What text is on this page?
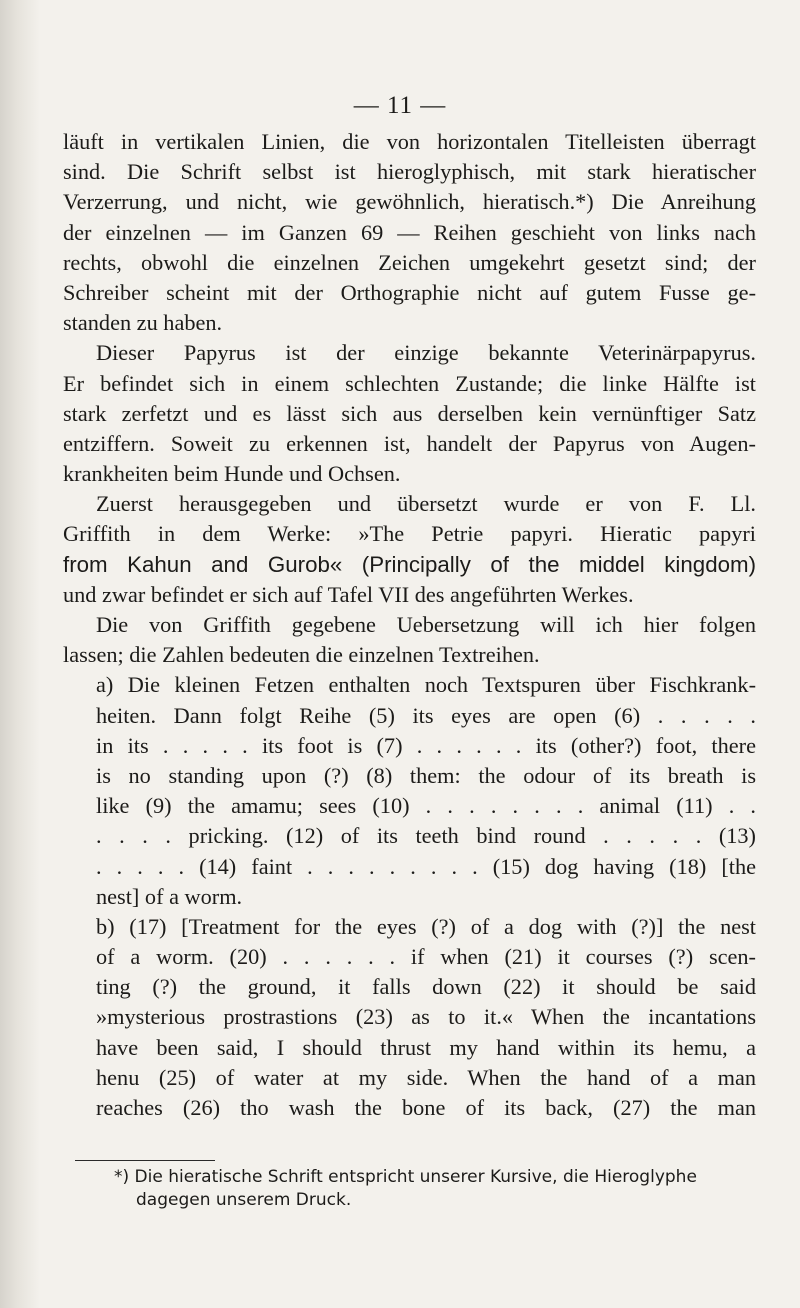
— 11 —
läuft in vertikalen Linien, die von horizontalen Titelleisten überragt
sind. Die Schrift selbst ist hieroglyphisch, mit stark hieratischer
Verzerrung, und nicht, wie gewöhnlich, hieratisch.*) Die Anreihung
der einzelnen — im Ganzen 69 — Reihen geschieht von links nach
rechts, obwohl die einzelnen Zeichen umgekehrt gesetzt sind; der
Schreiber scheint mit der Orthographie nicht auf gutem Fusse ge-
standen zu haben.
Dieser Papyrus ist der einzige bekannte Veterinärpapyrus.
Er befindet sich in einem schlechten Zustande; die linke Hälfte ist
stark zerfetzt und es lässt sich aus derselben kein vernünftiger Satz
entziffern. Soweit zu erkennen ist, handelt der Papyrus von Augen-
krankheiten beim Hunde und Ochsen.
Zuerst herausgegeben und übersetzt wurde er von F. Ll.
Griffith in dem Werke: »The Petrie papyri. Hieratic papyri
from Kahun and Gurob« (Principally of the middel kingdom)
und zwar befindet er sich auf Tafel VII des angeführten Werkes.
Die von Griffith gegebene Uebersetzung will ich hier folgen
lassen; die Zahlen bedeuten die einzelnen Textreihen.
a) Die kleinen Fetzen enthalten noch Textspuren über Fischkrank-
heiten. Dann folgt Reihe (5) its eyes are open (6) . . . . .
in its . . . . . its foot is (7) . . . . . . its (other?) foot, there
is no standing upon (?) (8) them: the odour of its breath is
like (9) the amamu; sees (10) . . . . . . . . animal (11) . .
. . . . pricking. (12) of its teeth bind round . . . . . (13)
. . . . . (14) faint . . . . . . . . . (15) dog having (18) [the
nest] of a worm.
b) (17) [Treatment for the eyes (?) of a dog with (?)] the nest
of a worm. (20) . . . . . . if when (21) it courses (?) scen-
ting (?) the ground, it falls down (22) it should be said
»mysterious prostrastions (23) as to it.« When the incantations
have been said, I should thrust my hand within its hemu, a
henu (25) of water at my side. When the hand of a man
reaches (26) tho wash the bone of its back, (27) the man
*) Die hieratische Schrift entspricht unserer Kursive, die Hieroglyphe
dagegen unserem Druck.
